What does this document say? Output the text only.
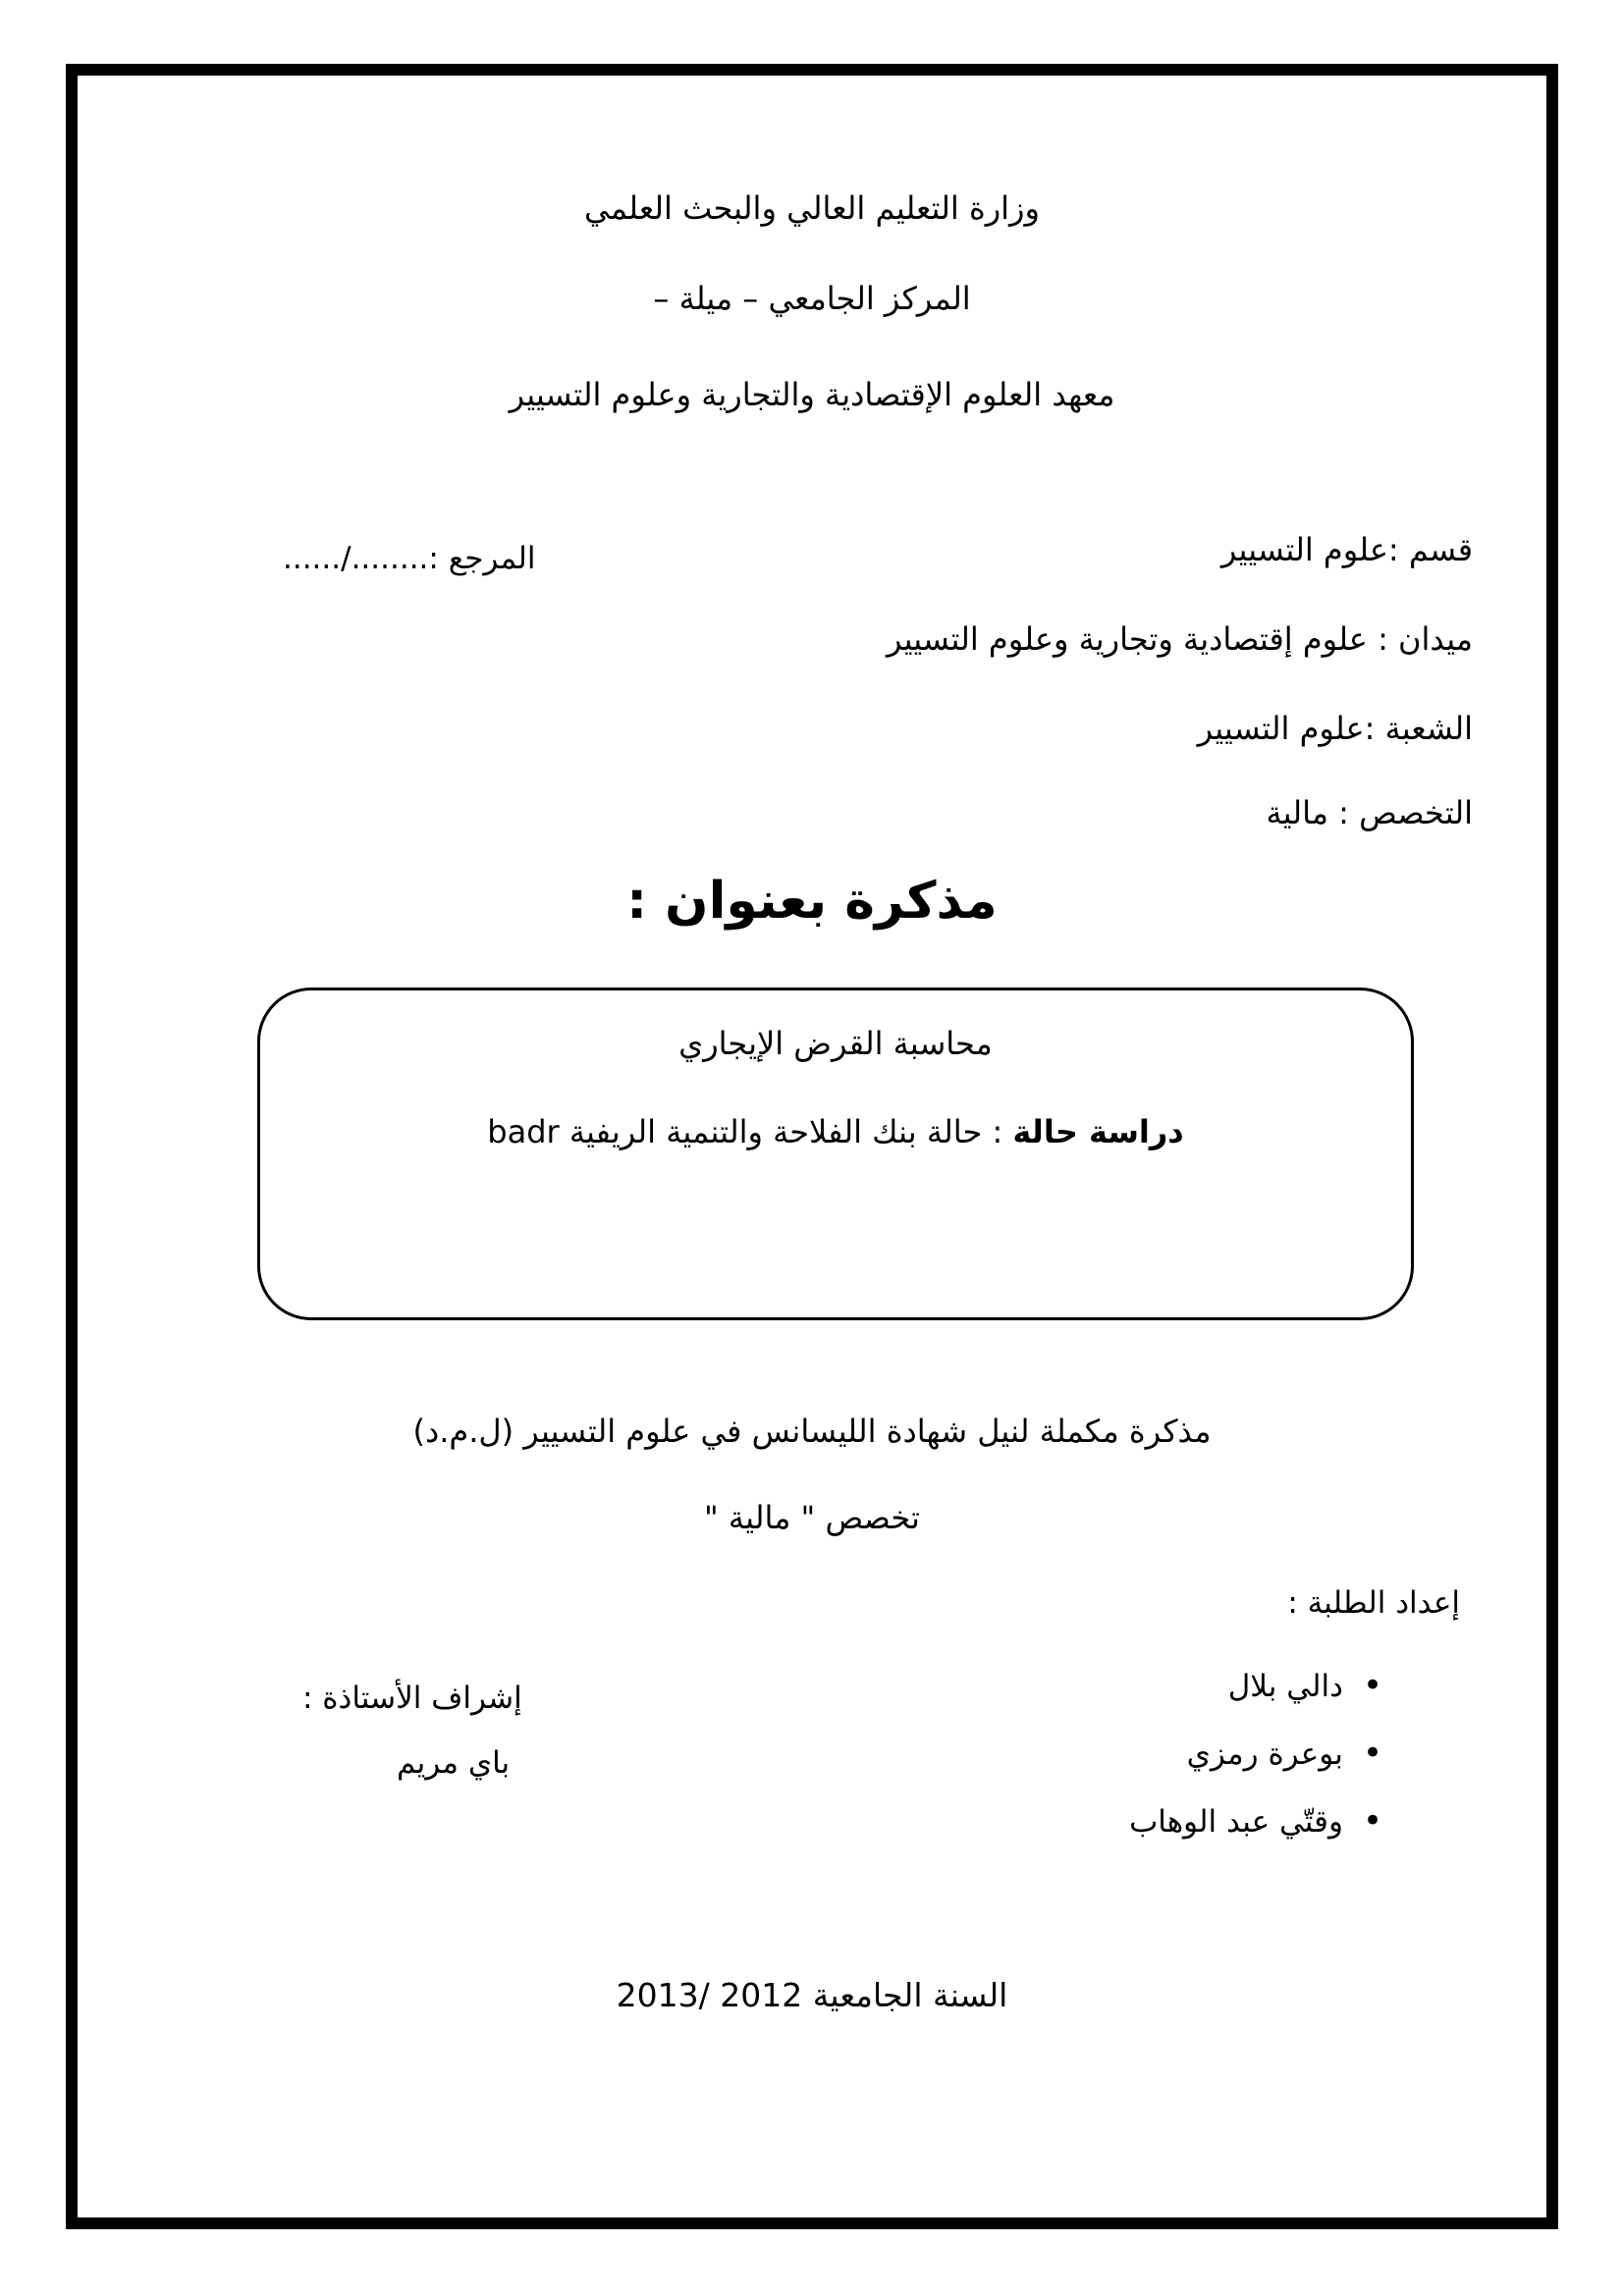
وزارة التعليم العالي والبحث العلمي
المركز الجامعي – ميلة –
معهد العلوم الإقتصادية والتجارية وعلوم التسيير
قسم :علوم التسيير
المرجع :......../......
ميدان : علوم إقتصادية وتجارية وعلوم التسيير
الشعبة :علوم التسيير
التخصص : مالية
مذكرة بعنوان :
محاسبة القرض الإيجاري
دراسة حالة : حالة بنك الفلاحة والتنمية الريفية badr
مذكرة مكملة لنيل شهادة الليسانس في علوم التسيير (ل.م.د)
تخصص " مالية "
إعداد الطلبة :
• دالي بلال
• بوعرة رمزي
• وقتّي عبد الوهاب
إشراف الأستاذة :
باي مريم
السنة الجامعية 2012 /2013
